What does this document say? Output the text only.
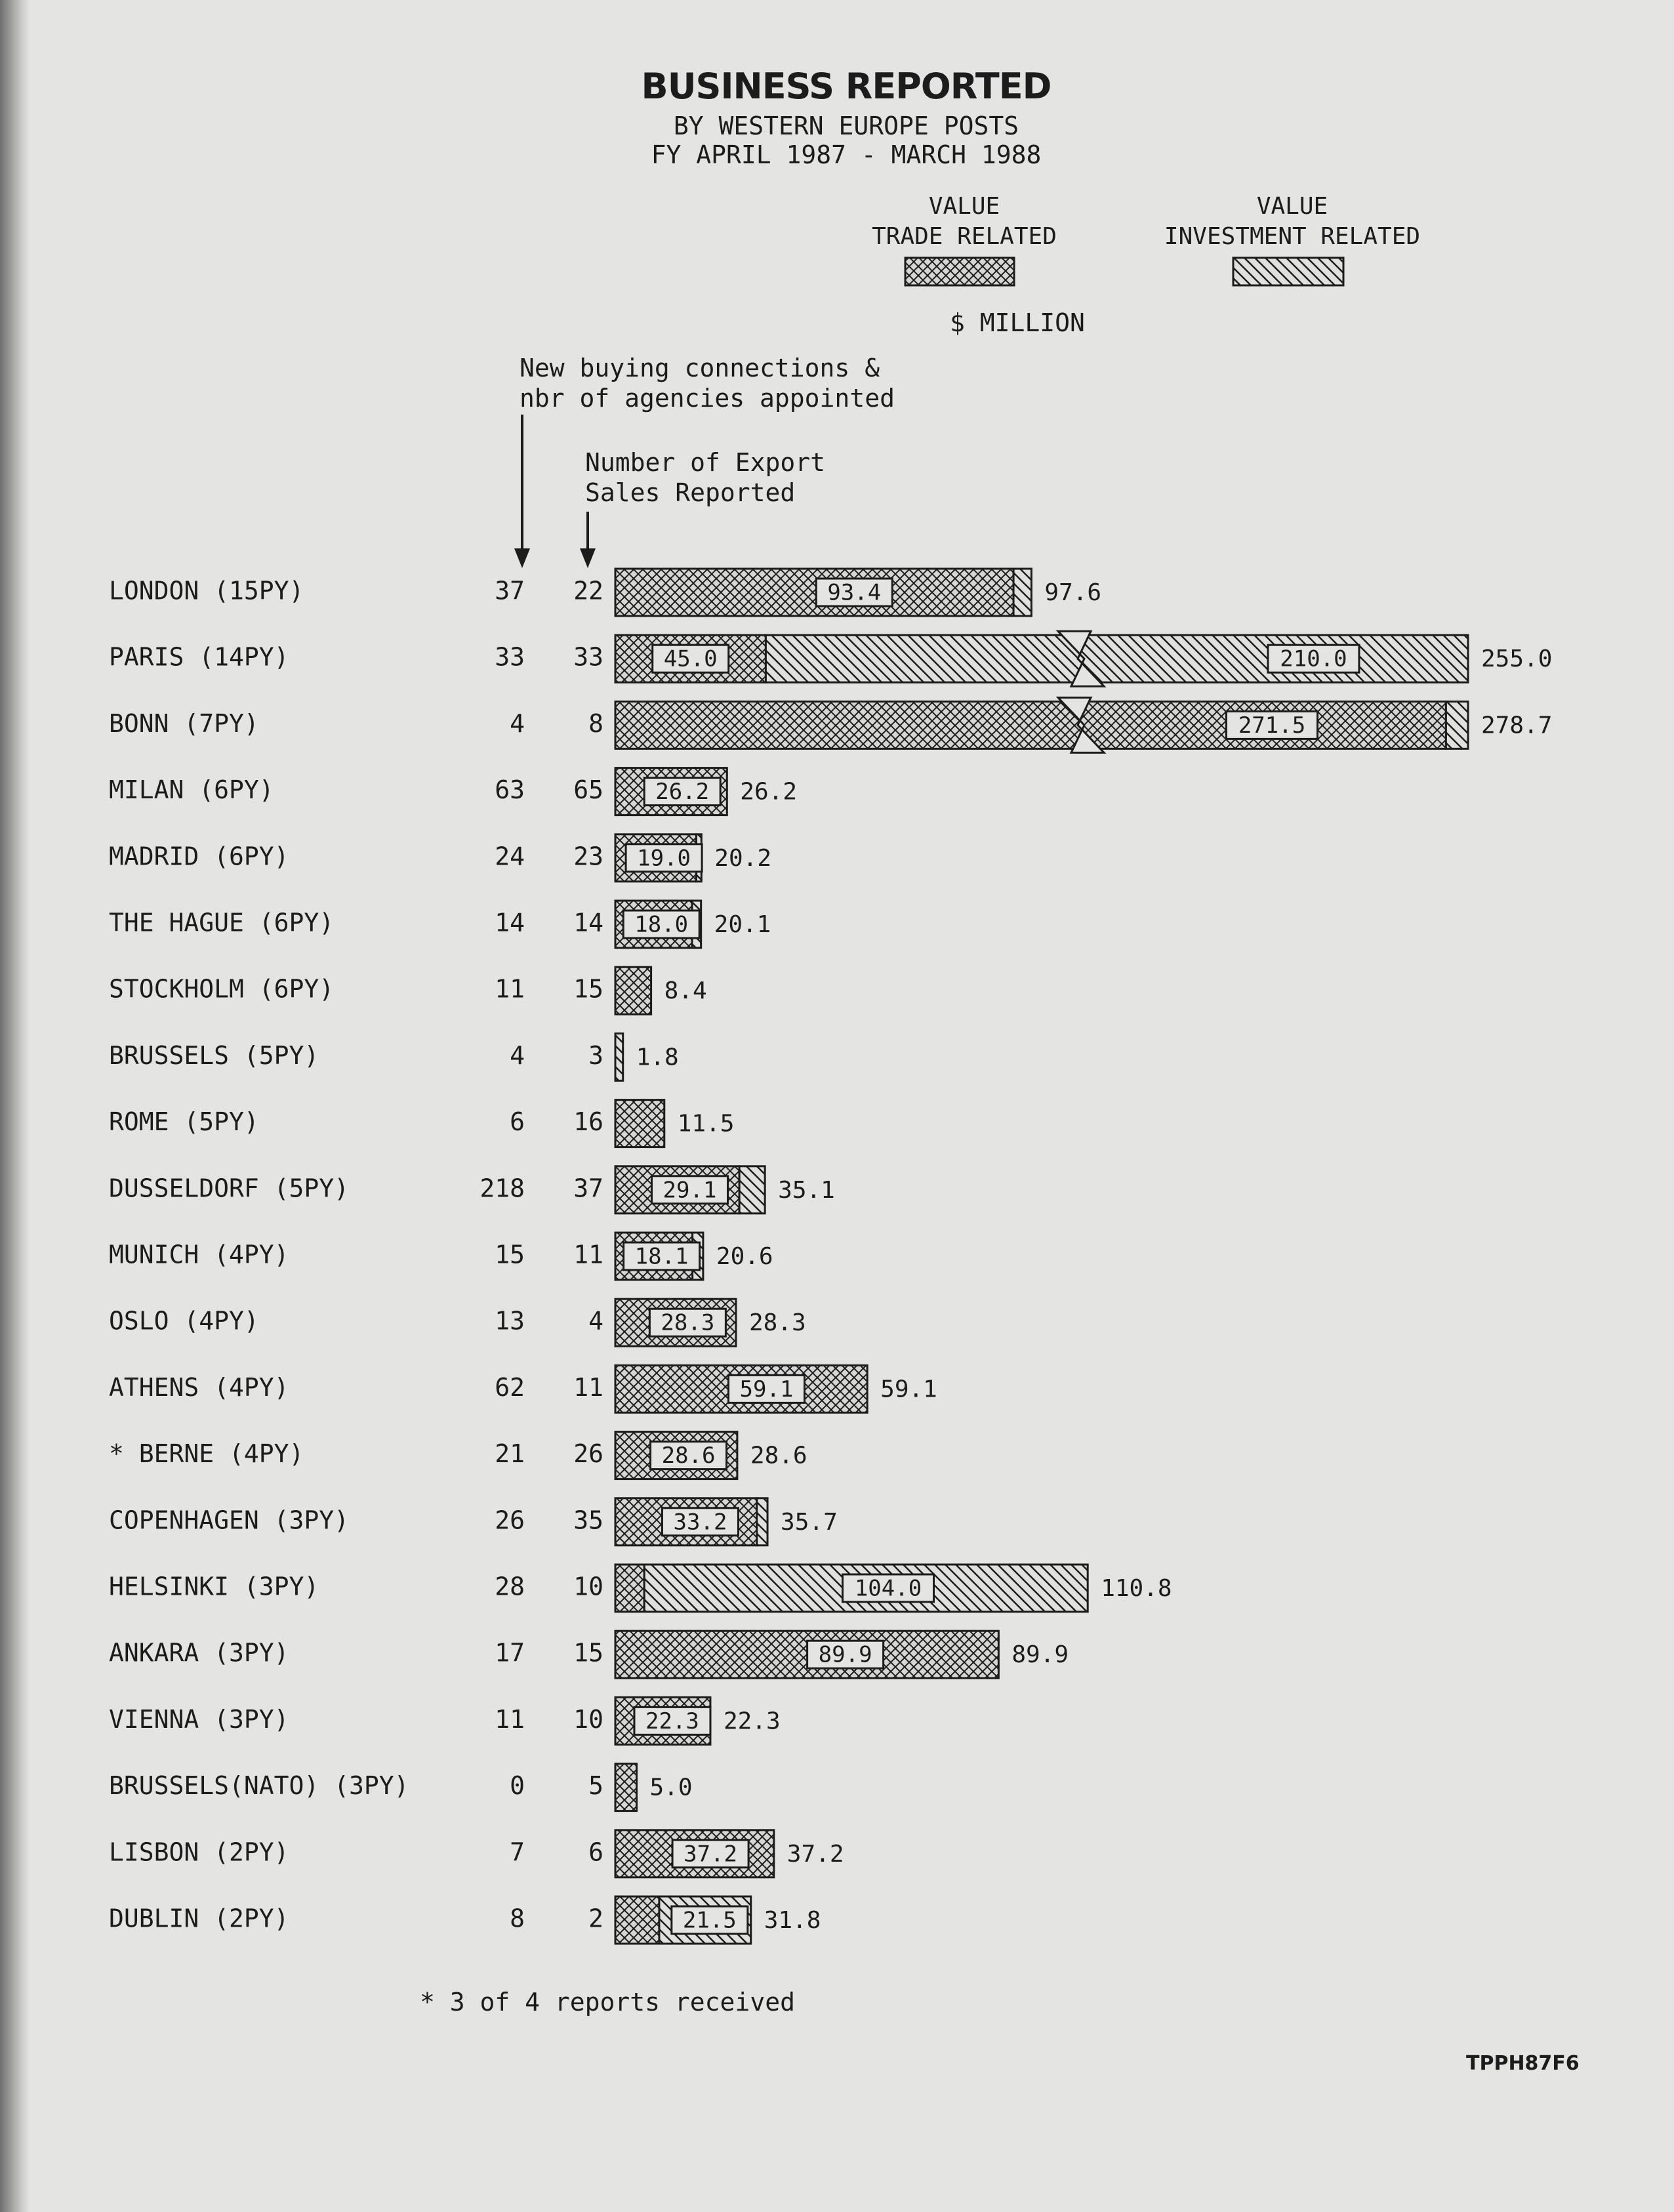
BUSINESS REPORTED
BY WESTERN EUROPE POSTS
FY APRIL 1987 - MARCH 1988
VALUE
TRADE RELATED
VALUE
INVESTMENT RELATED
$ MILLION
New buying connections &
nbr of agencies appointed
Number of Export
Sales Reported
LONDON (15PY)	37 22	93.4	97.6
PARIS (14PY)	33 33	45.0	210.0	255.0
BONN (7PY)	4	8	271.5	278.7
MILAN (6PY)	63 65 26.2 26.2
MADRID (6PY)	24 23 19.0 20.2
THE HAGUE (6PY)	14 14 18.0 20.1
STOCKHOLM (6PY)	11 15	8.4
BRUSSELS (5PY)	4	3 1.8
ROME (5PY)	6 16	11.5
DUSSELDORF (5PY)	218 37	29.1	35.1
MUNICH (4PY)	15 11 18.1 20.6
OSLO (4PY)	13	4	28.3 28.3
ATHENS (4PY)	62 11	59.1	59.1
* BERNE (4PY)	21 26	28.6 28.6
COPENHAGEN (3PY)	26 35	33.2 35.7
HELSINKI (3PY)	28 10	104.0	110.8
ANKARA (3PY)	17 15	89.9	89.9
VIENNA (3PY)	11 10 22.3 22.3
BRUSSELS(NATO) (3PY)	0	5 5.0
LISBON (2PY)	7	6	37.2 37.2
DUBLIN (2PY)	8	2	21.5 31.8
* 3 of 4 reports received
TPPH87F6
